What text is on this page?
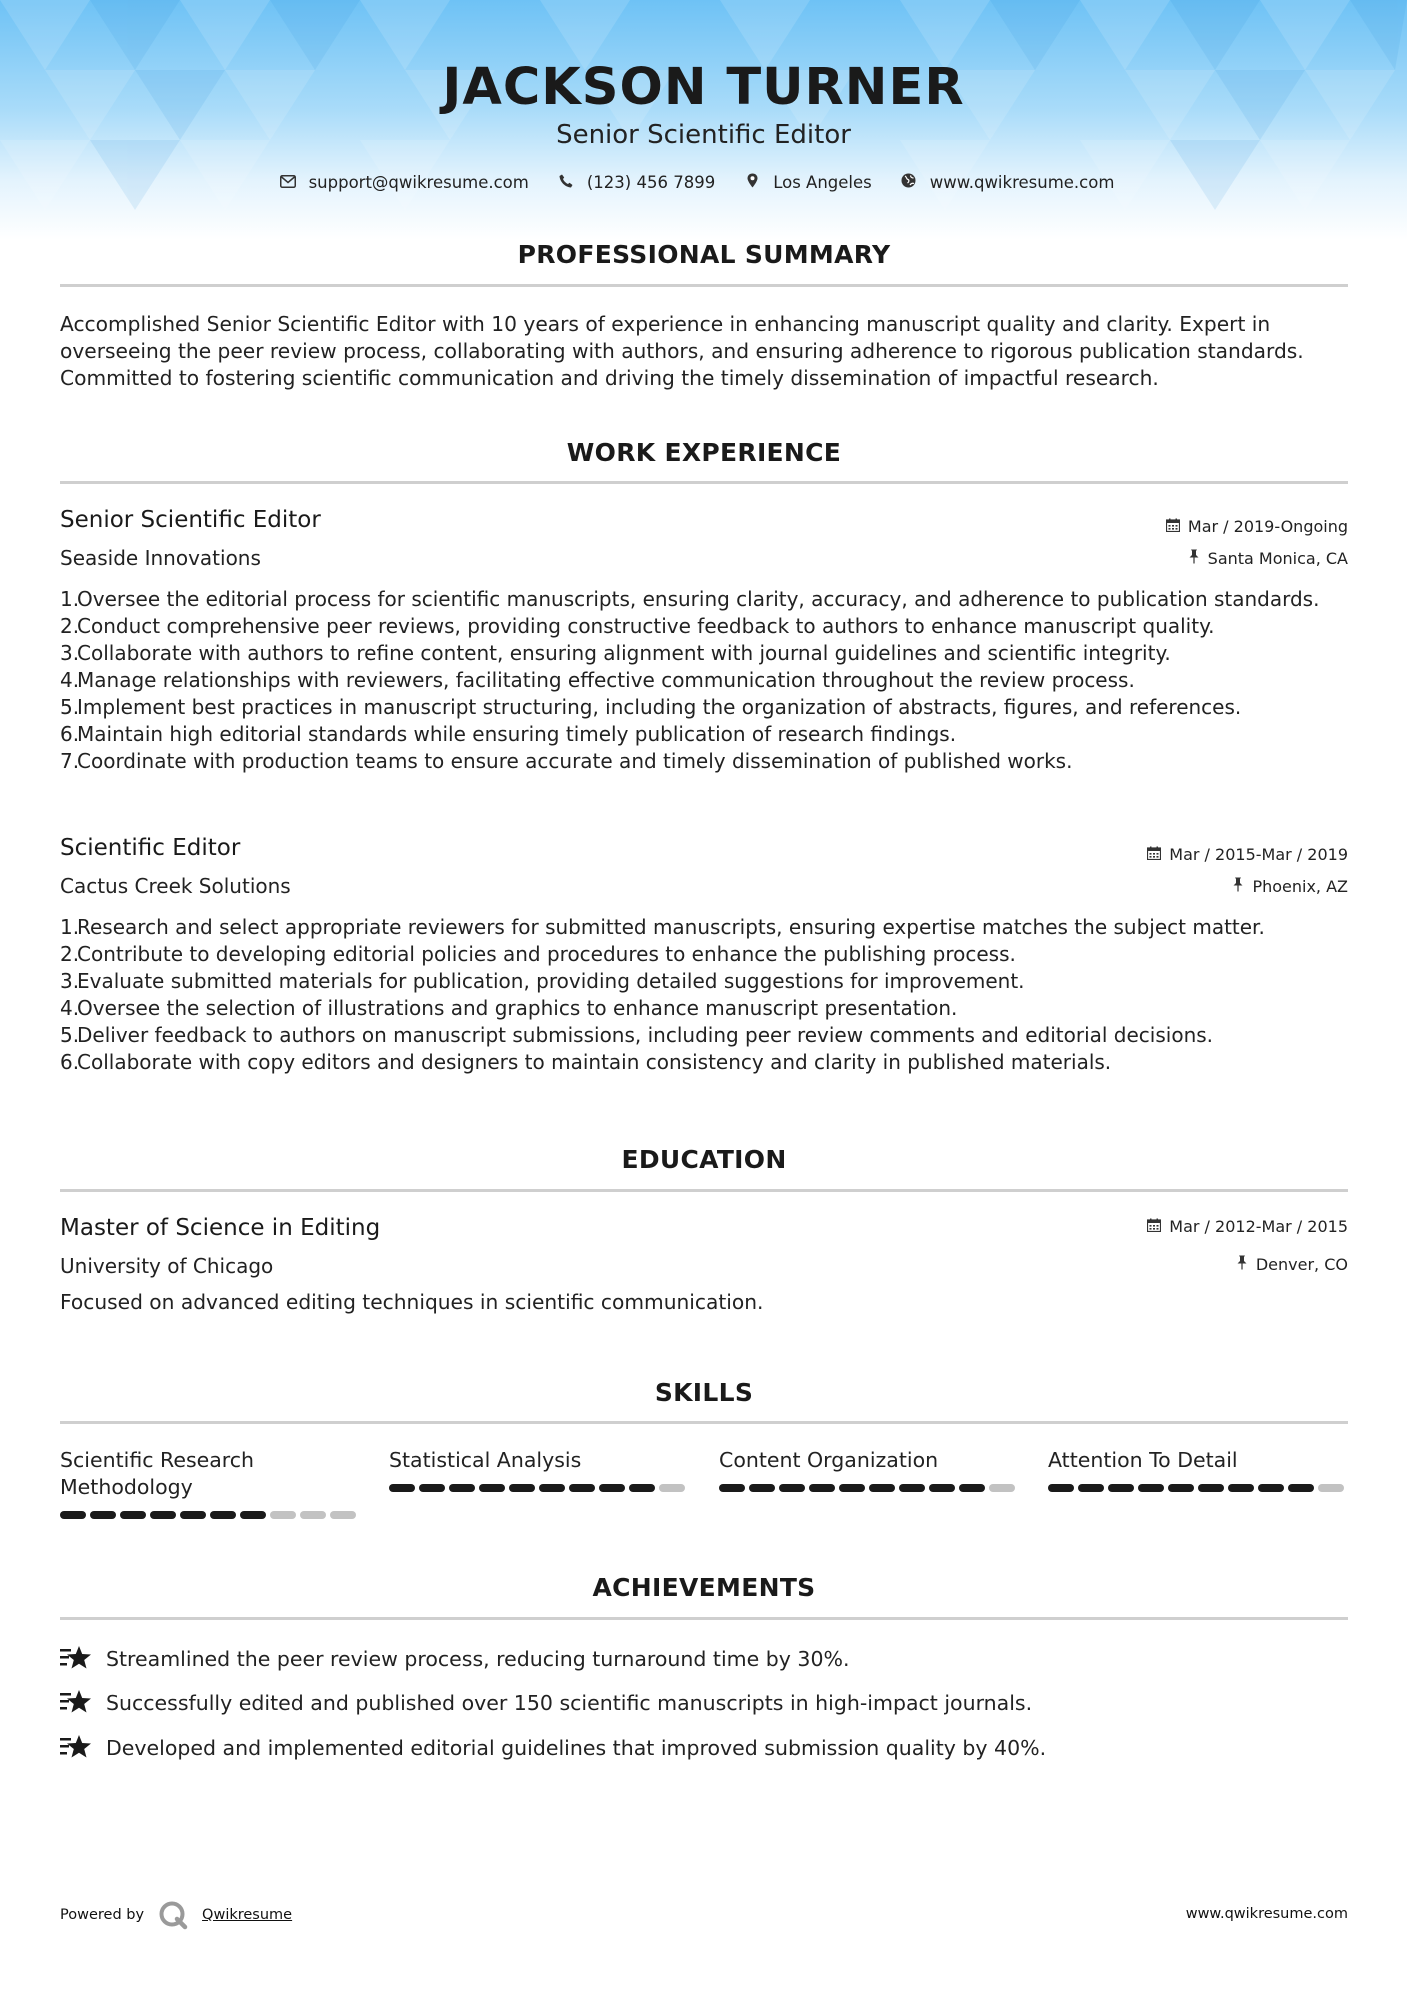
JACKSON TURNER
Senior Scientific Editor
support@qwikresume.com	(123) 456 7899	Los Angeles	www.qwikresume.com
PROFESSIONAL SUMMARY
Accomplished Senior Scientific Editor with 10 years of experience in enhancing manuscript quality and clarity. Expert in overseeing the peer review process, collaborating with authors, and ensuring adherence to rigorous publication standards. Committed to fostering scientific communication and driving the timely dissemination of impactful research.
WORK EXPERIENCE
Senior Scientific Editor	Mar / 2019-Ongoing
Seaside Innovations	Santa Monica, CA
1.
Oversee the editorial process for scientific manuscripts, ensuring clarity, accuracy, and adherence to publication standards.
2.
Conduct comprehensive peer reviews, providing constructive feedback to authors to enhance manuscript quality.
3.
Collaborate with authors to refine content, ensuring alignment with journal guidelines and scientific integrity.
4.
Manage relationships with reviewers, facilitating effective communication throughout the review process.
5.
Implement best practices in manuscript structuring, including the organization of abstracts, figures, and references.
6.
Maintain high editorial standards while ensuring timely publication of research findings.
7.
Coordinate with production teams to ensure accurate and timely dissemination of published works.
Scientific Editor	Mar / 2015-Mar / 2019
Cactus Creek Solutions	Phoenix, AZ
1.
Research and select appropriate reviewers for submitted manuscripts, ensuring expertise matches the subject matter.
2.
Contribute to developing editorial policies and procedures to enhance the publishing process.
3.
Evaluate submitted materials for publication, providing detailed suggestions for improvement.
4.
Oversee the selection of illustrations and graphics to enhance manuscript presentation.
5.
Deliver feedback to authors on manuscript submissions, including peer review comments and editorial decisions.
6.
Collaborate with copy editors and designers to maintain consistency and clarity in published materials.
EDUCATION
Master of Science in Editing	Mar / 2012-Mar / 2015
University of Chicago	Denver, CO
Focused on advanced editing techniques in scientific communication.
SKILLS
Scientific Research Methodology
Statistical Analysis	Content Organization	Attention To Detail
ACHIEVEMENTS
Streamlined the peer review process, reducing turnaround time by 30%.
Successfully edited and published over 150 scientific manuscripts in high-impact journals.
Developed and implemented editorial guidelines that improved submission quality by 40%.
Powered by	Qwikresume	www.qwikresume.com
